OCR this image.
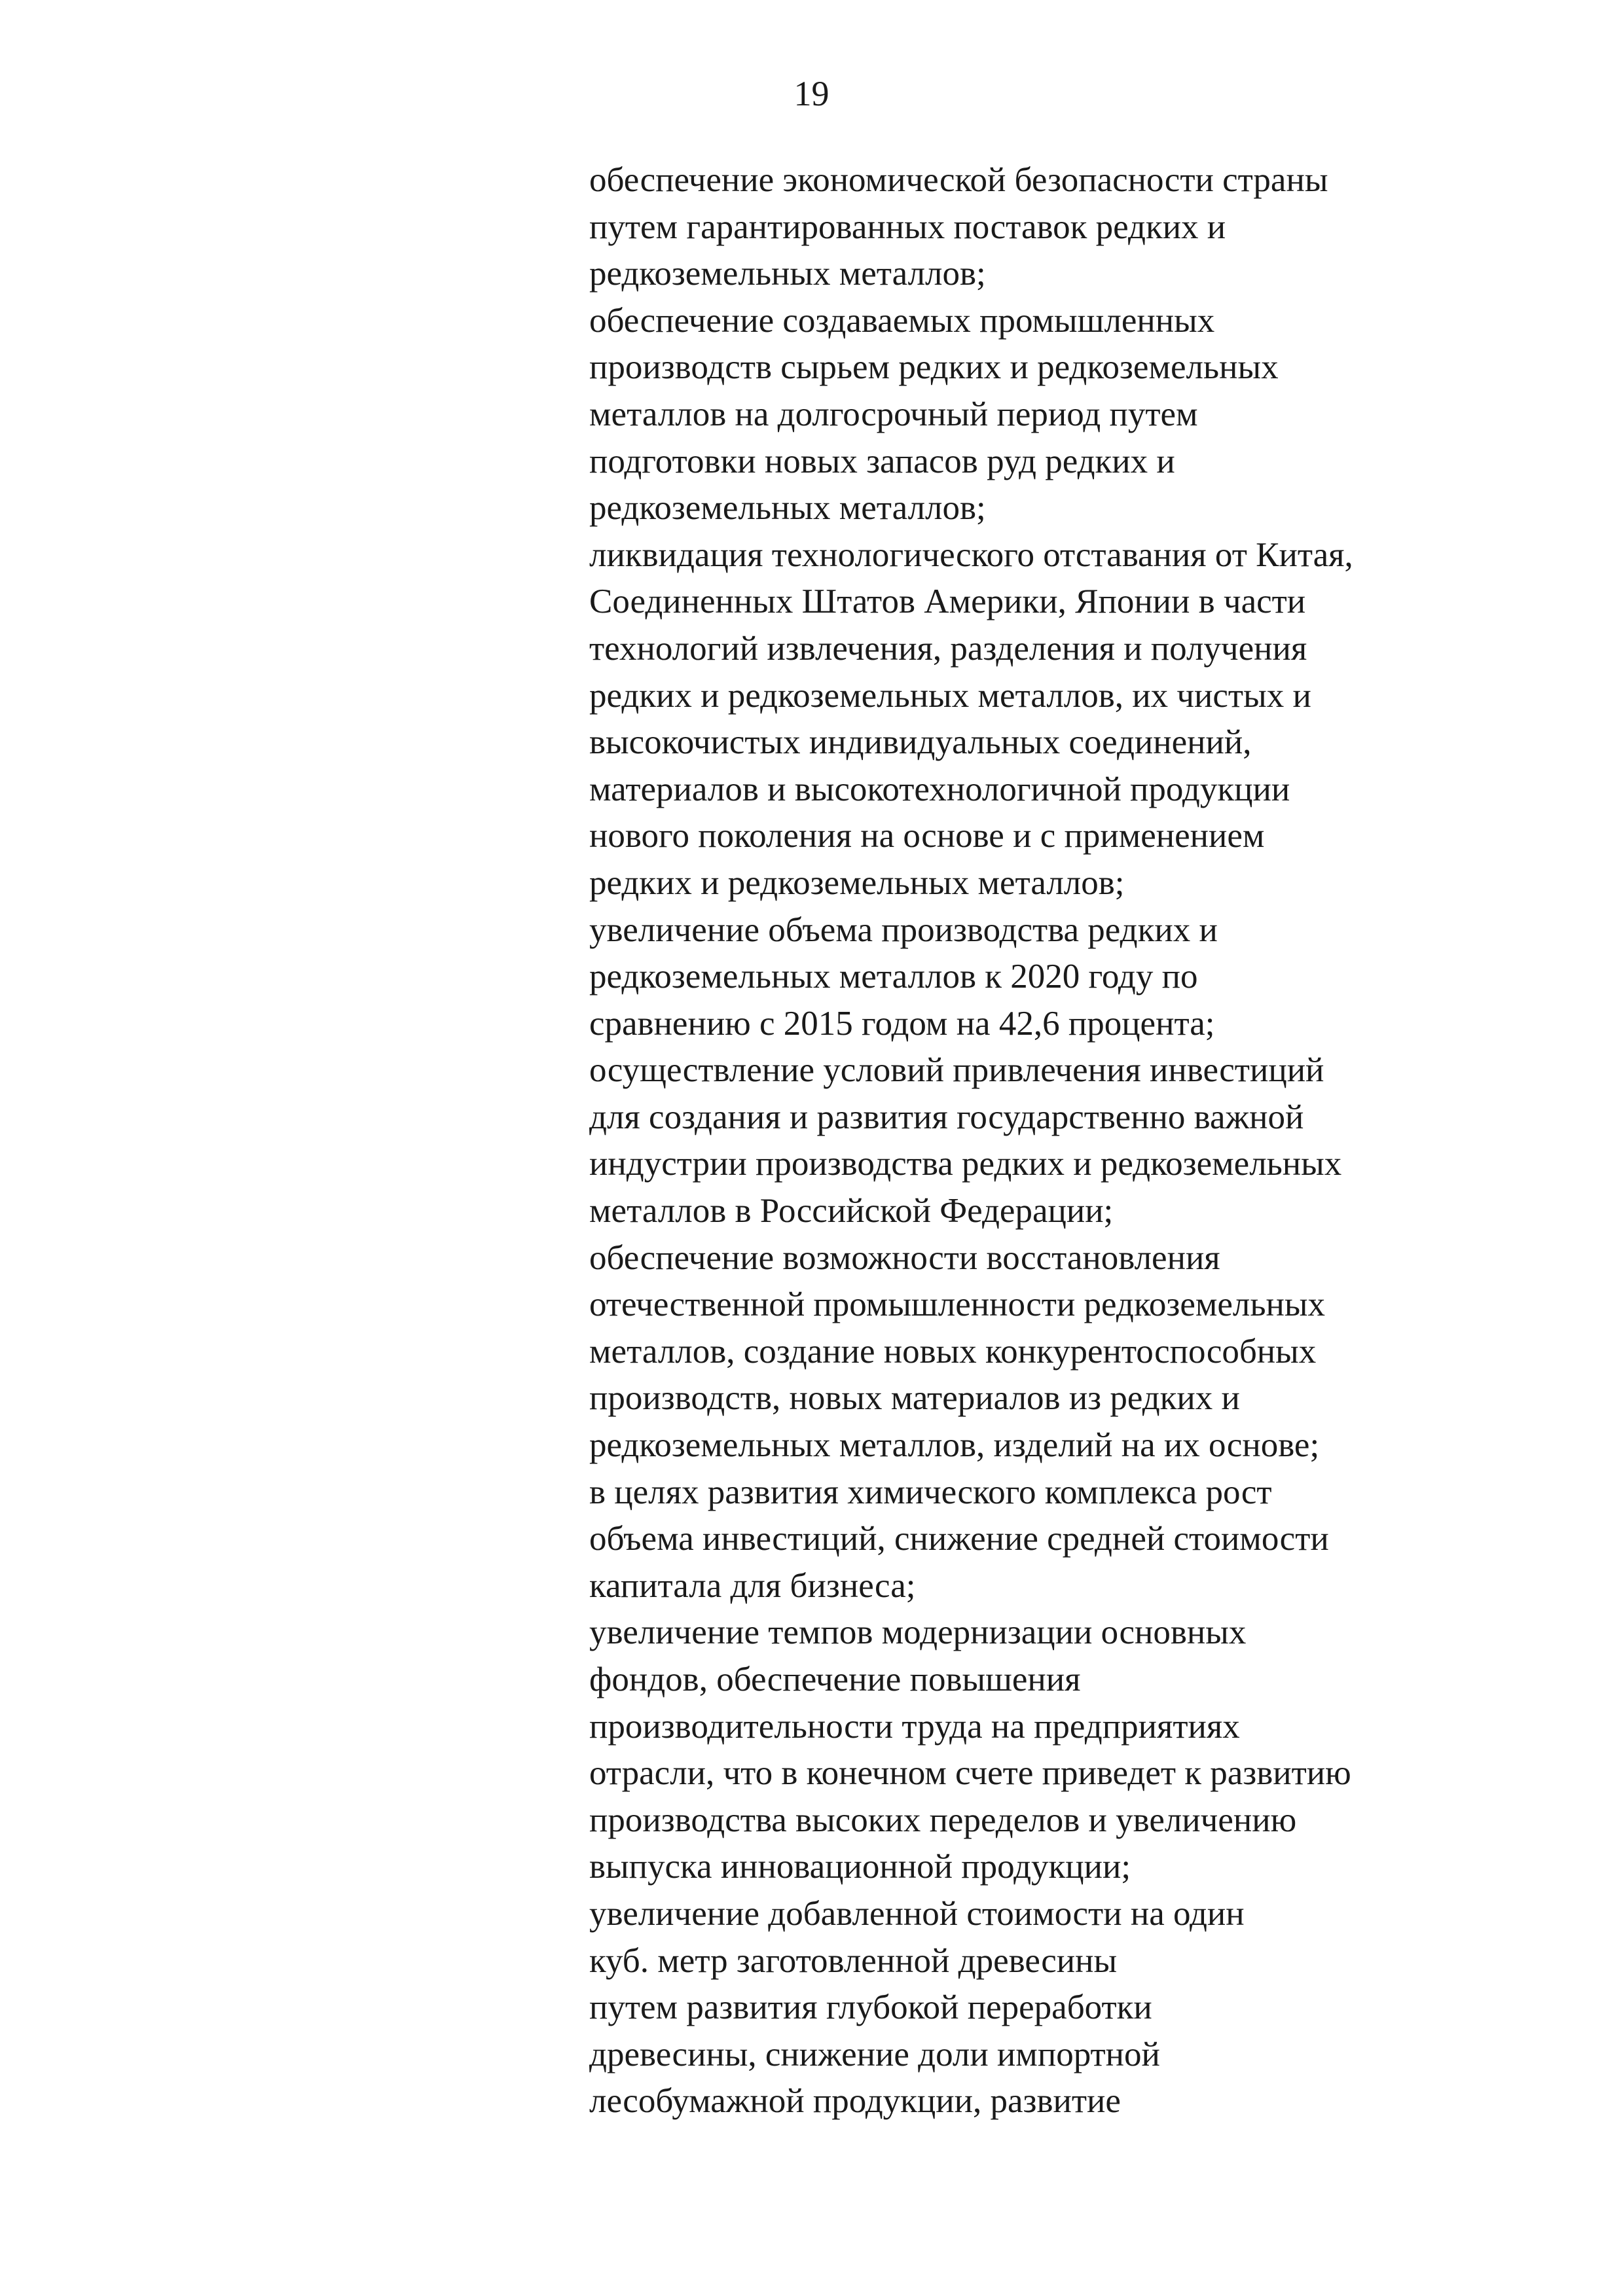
19
обеспечение экономической безопасности страны
путем гарантированных поставок редких и
редкоземельных металлов;
обеспечение создаваемых промышленных
производств сырьем редких и редкоземельных
металлов на долгосрочный период путем
подготовки новых запасов руд редких и
редкоземельных металлов;
ликвидация технологического отставания от Китая,
Соединенных Штатов Америки, Японии в части
технологий извлечения, разделения и получения
редких и редкоземельных металлов, их чистых и
высокочистых индивидуальных соединений,
материалов и высокотехнологичной продукции
нового поколения на основе и с применением
редких и редкоземельных металлов;
увеличение объема производства редких и
редкоземельных металлов к 2020 году по
сравнению с 2015 годом на 42,6 процента;
осуществление условий привлечения инвестиций
для создания и развития государственно важной
индустрии производства редких и редкоземельных
металлов в Российской Федерации;
обеспечение возможности восстановления
отечественной промышленности редкоземельных
металлов, создание новых конкурентоспособных
производств, новых материалов из редких и
редкоземельных металлов, изделий на их основе;
в целях развития химического комплекса рост
объема инвестиций, снижение средней стоимости
капитала для бизнеса;
увеличение темпов модернизации основных
фондов, обеспечение повышения
производительности труда на предприятиях
отрасли, что в конечном счете приведет к развитию
производства высоких переделов и увеличению
выпуска инновационной продукции;
увеличение добавленной стоимости на один
куб. метр заготовленной древесины
путем развития глубокой переработки
древесины, снижение доли импортной
лесобумажной продукции, развитие
